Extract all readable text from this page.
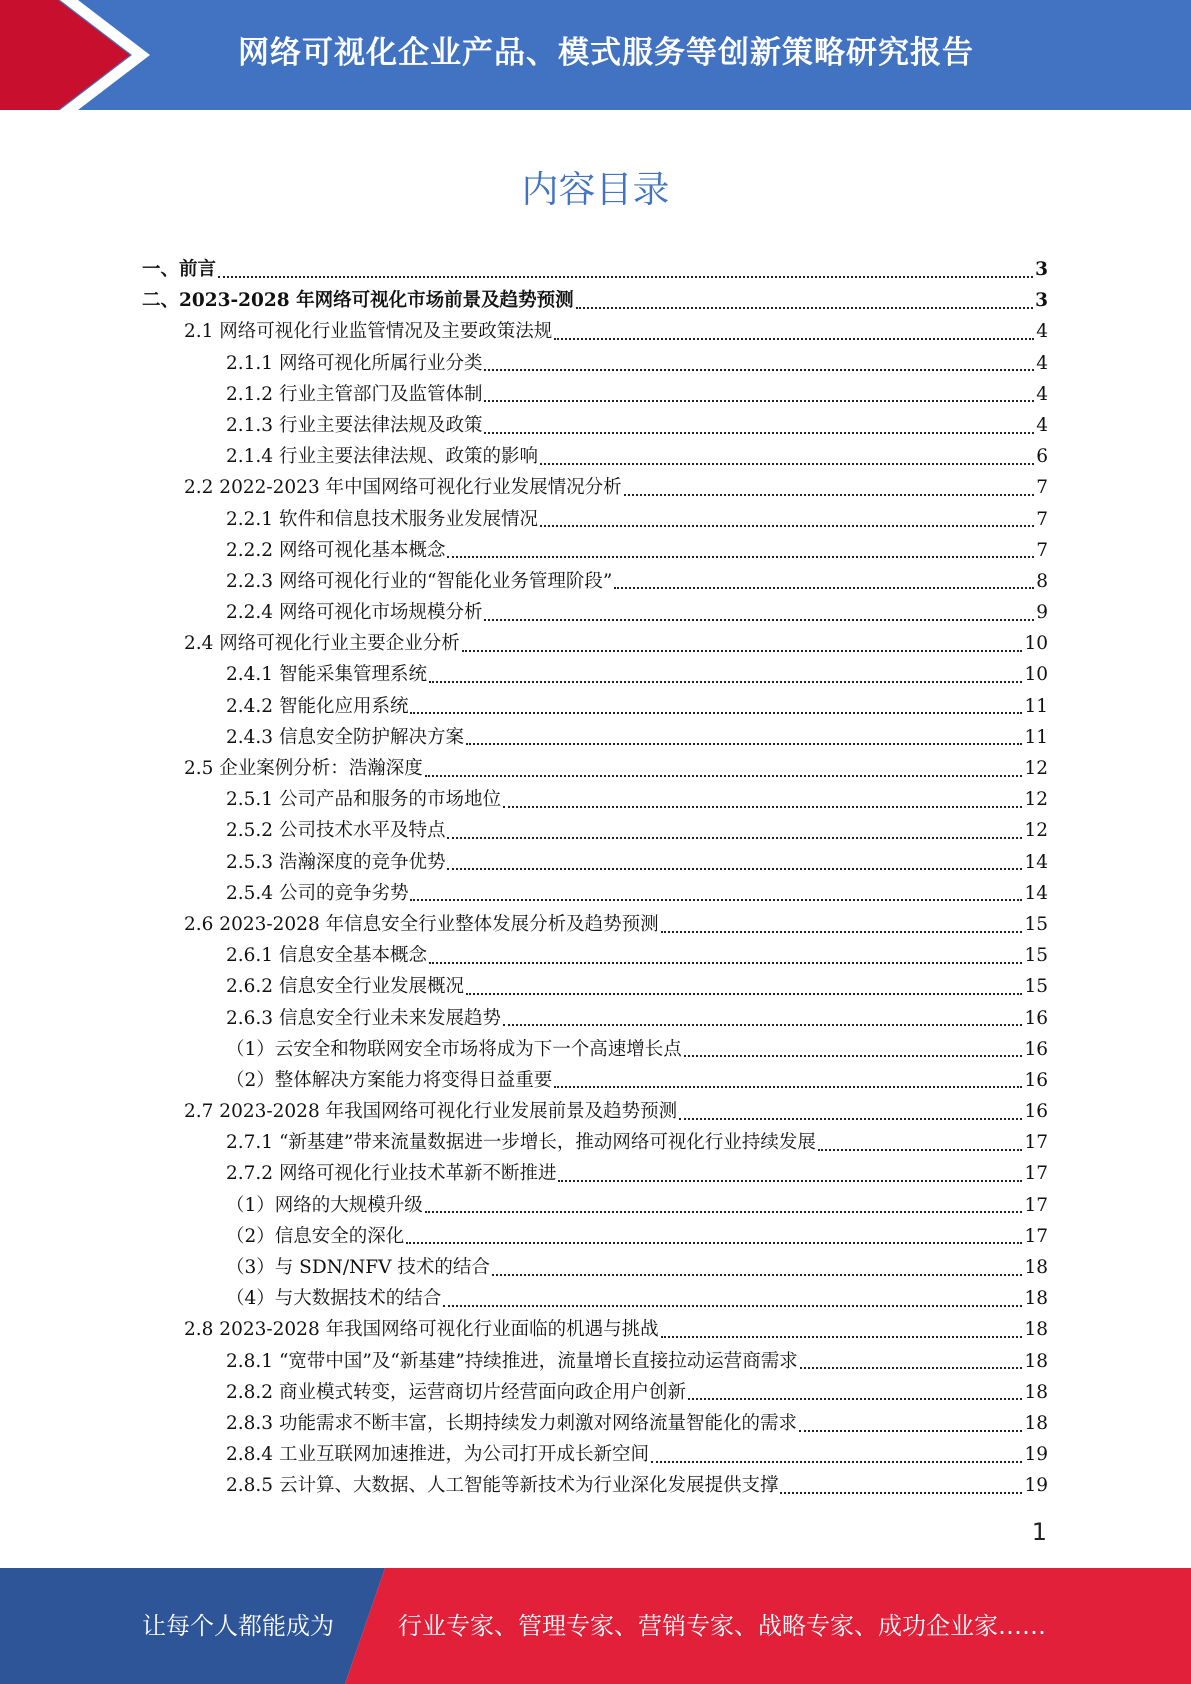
网络可视化企业产品、模式服务等创新策略研究报告
内容目录
一、前言	3
二、2023-2028 年网络可视化市场前景及趋势预测	3
2.1 网络可视化行业监管情况及主要政策法规	4
2.1.1 网络可视化所属行业分类	4
2.1.2 行业主管部门及监管体制	4
2.1.3 行业主要法律法规及政策	4
2.1.4 行业主要法律法规、政策的影响	6
2.2 2022-2023 年中国网络可视化行业发展情况分析	7
2.2.1 软件和信息技术服务业发展情况	7
2.2.2 网络可视化基本概念	7
2.2.3 网络可视化行业的“智能化业务管理阶段”	8
2.2.4 网络可视化市场规模分析	9
2.4 网络可视化行业主要企业分析	10
2.4.1 智能采集管理系统	10
2.4.2 智能化应用系统	11
2.4.3 信息安全防护解决方案	11
2.5 企业案例分析：浩瀚深度	12
2.5.1 公司产品和服务的市场地位	12
2.5.2 公司技术水平及特点	12
2.5.3 浩瀚深度的竞争优势	14
2.5.4 公司的竞争劣势	14
2.6 2023-2028 年信息安全行业整体发展分析及趋势预测	15
2.6.1 信息安全基本概念	15
2.6.2 信息安全行业发展概况	15
2.6.3 信息安全行业未来发展趋势	16
（1）云安全和物联网安全市场将成为下一个高速增长点	16
（2）整体解决方案能力将变得日益重要	16
2.7 2023-2028 年我国网络可视化行业发展前景及趋势预测	16
2.7.1 “新基建”带来流量数据进一步增长，推动网络可视化行业持续发展	17
2.7.2 网络可视化行业技术革新不断推进	17
（1）网络的大规模升级	17
（2）信息安全的深化	17
（3）与 SDN/NFV 技术的结合	18
（4）与大数据技术的结合	18
2.8 2023-2028 年我国网络可视化行业面临的机遇与挑战	18
2.8.1 “宽带中国”及“新基建”持续推进，流量增长直接拉动运营商需求	18
2.8.2 商业模式转变，运营商切片经营面向政企用户创新	18
2.8.3 功能需求不断丰富，长期持续发力刺激对网络流量智能化的需求	18
2.8.4 工业互联网加速推进，为公司打开成长新空间	19
2.8.5 云计算、大数据、人工智能等新技术为行业深化发展提供支撑	19
1
让每个人都能成为	行业专家、管理专家、营销专家、战略专家、成功企业家……
